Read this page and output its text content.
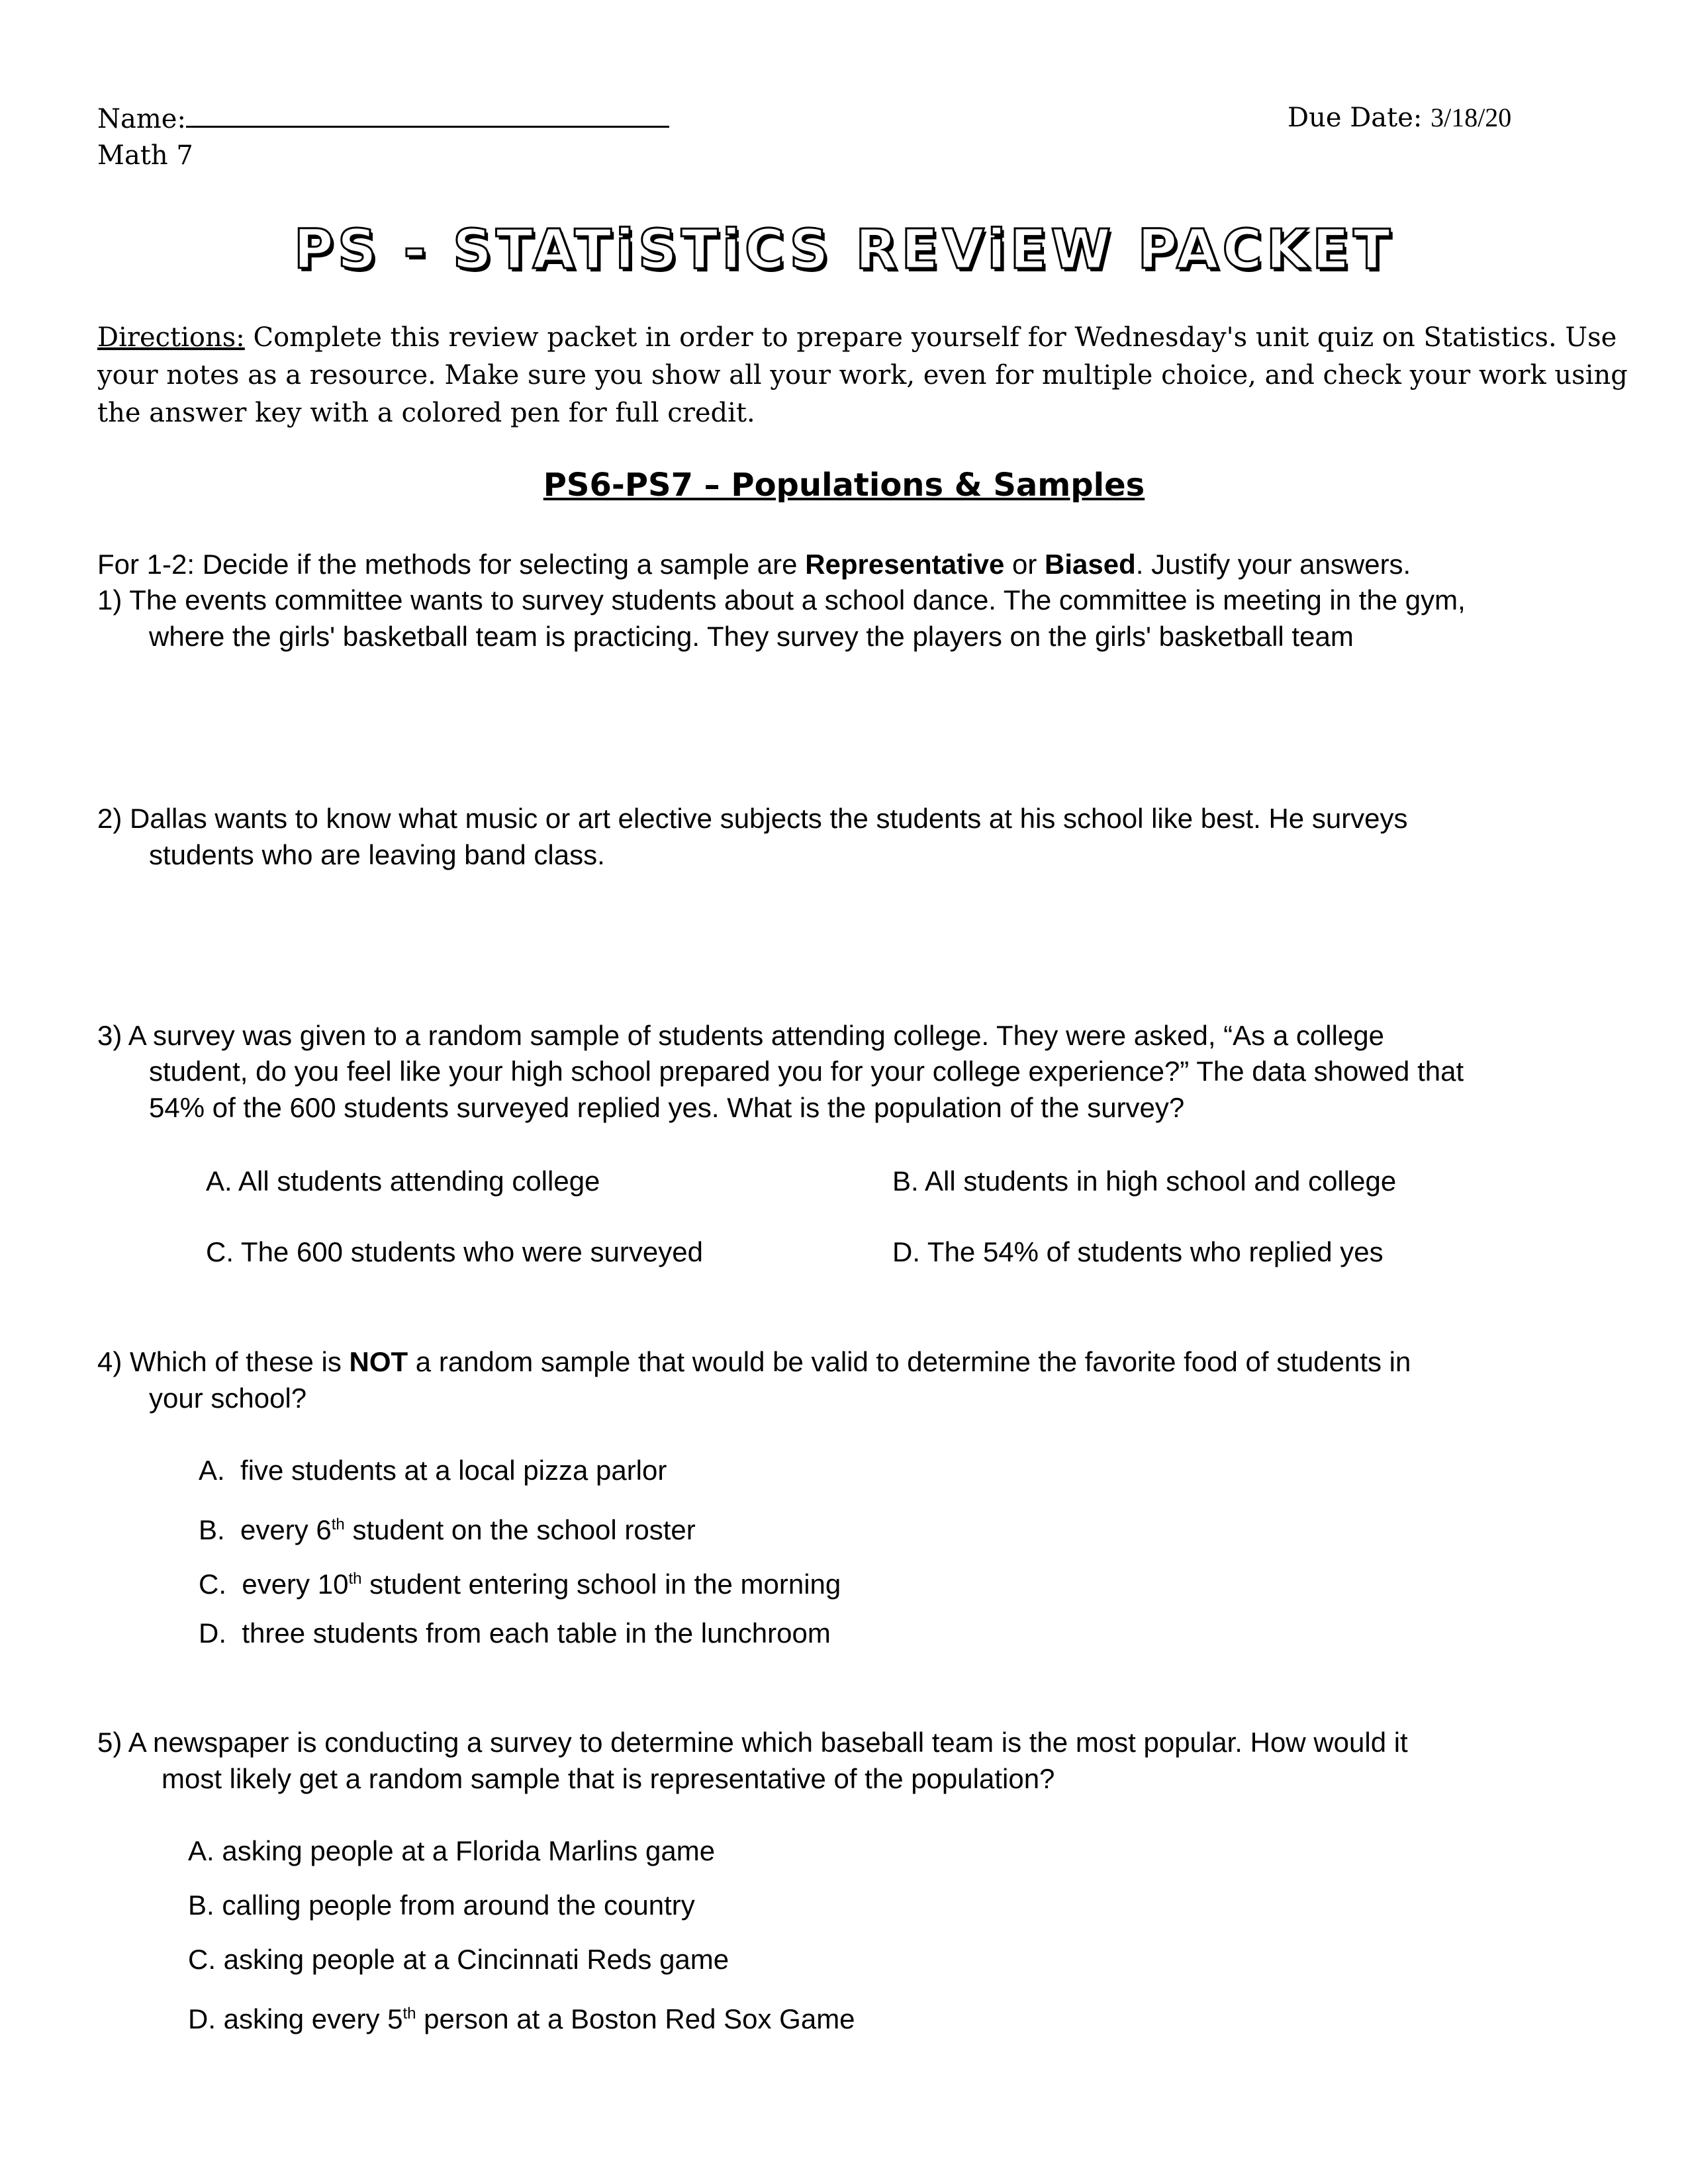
Name:	Due Date: 3/18/20
Math 7
PS - STATiSTiCS REViEW PACKET
Directions: Complete this review packet in order to prepare yourself for Wednesday's unit quiz on Statistics. Use
your notes as a resource. Make sure you show all your work, even for multiple choice, and check your work using
the answer key with a colored pen for full credit.
PS6-PS7 – Populations & Samples
For 1-2: Decide if the methods for selecting a sample are Representative or Biased. Justify your answers.
1) The events committee wants to survey students about a school dance. The committee is meeting in the gym,
where the girls' basketball team is practicing. They survey the players on the girls' basketball team
2) Dallas wants to know what music or art elective subjects the students at his school like best. He surveys
students who are leaving band class.
3) A survey was given to a random sample of students attending college. They were asked, “As a college
student, do you feel like your high school prepared you for your college experience?” The data showed that
54% of the 600 students surveyed replied yes. What is the population of the survey?
A. All students attending college	B. All students in high school and college
C. The 600 students who were surveyed	D. The 54% of students who replied yes
4) Which of these is NOT a random sample that would be valid to determine the favorite food of students in
your school?
A.  five students at a local pizza parlor
B.  every 6th student on the school roster
C.  every 10th student entering school in the morning
D.  three students from each table in the lunchroom
5) A newspaper is conducting a survey to determine which baseball team is the most popular. How would it
most likely get a random sample that is representative of the population?
A. asking people at a Florida Marlins game
B. calling people from around the country
C. asking people at a Cincinnati Reds game
D. asking every 5th person at a Boston Red Sox Game
